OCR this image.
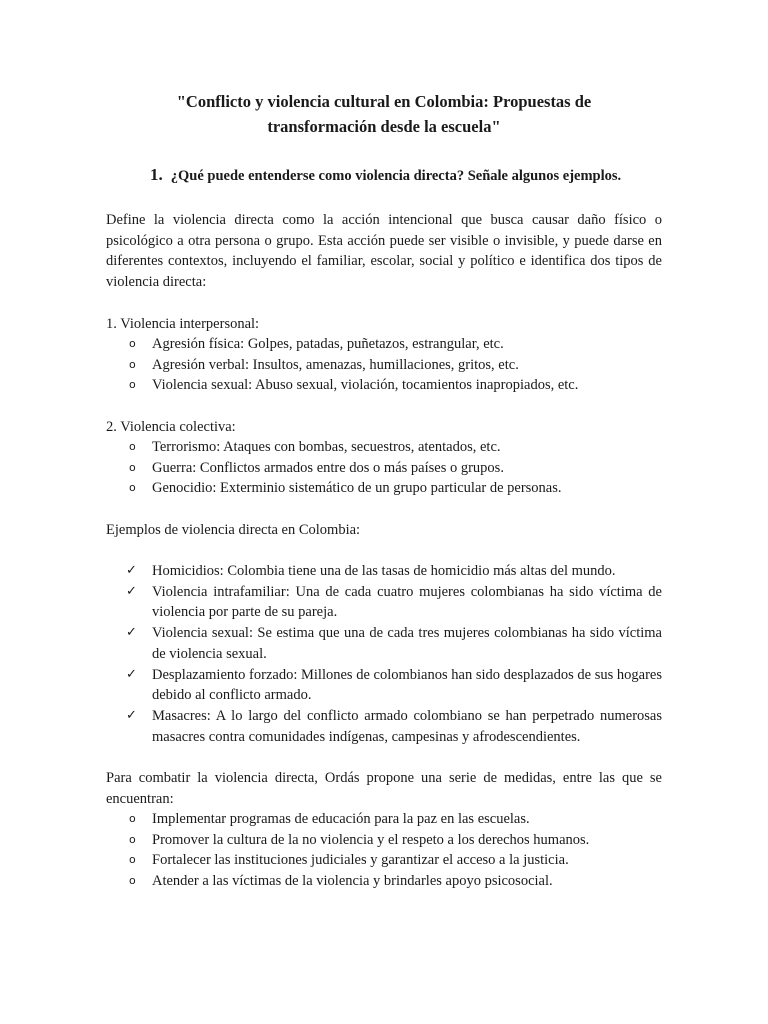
"Conflicto y violencia cultural en Colombia: Propuestas de
transformación desde la escuela"
1. ¿Qué puede entenderse como violencia directa? Señale algunos ejemplos.
Define la violencia directa como la acción intencional que busca causar daño físico o psicológico a otra persona o grupo. Esta acción puede ser visible o invisible, y puede darse en diferentes contextos, incluyendo el familiar, escolar, social y político e identifica dos tipos de violencia directa:
1. Violencia interpersonal:
o Agresión física: Golpes, patadas, puñetazos, estrangular, etc.
o Agresión verbal: Insultos, amenazas, humillaciones, gritos, etc.
o Violencia sexual: Abuso sexual, violación, tocamientos inapropiados, etc.
2. Violencia colectiva:
o Terrorismo: Ataques con bombas, secuestros, atentados, etc.
o Guerra: Conflictos armados entre dos o más países o grupos.
o Genocidio: Exterminio sistemático de un grupo particular de personas.
Ejemplos de violencia directa en Colombia:
✓ Homicidios: Colombia tiene una de las tasas de homicidio más altas del mundo.
✓ Violencia intrafamiliar: Una de cada cuatro mujeres colombianas ha sido víctima de violencia por parte de su pareja.
✓ Violencia sexual: Se estima que una de cada tres mujeres colombianas ha sido víctima de violencia sexual.
✓ Desplazamiento forzado: Millones de colombianos han sido desplazados de sus hogares debido al conflicto armado.
✓ Masacres: A lo largo del conflicto armado colombiano se han perpetrado numerosas masacres contra comunidades indígenas, campesinas y afrodescendientes.
Para combatir la violencia directa, Ordás propone una serie de medidas, entre las que se encuentran:
o Implementar programas de educación para la paz en las escuelas.
o Promover la cultura de la no violencia y el respeto a los derechos humanos.
o Fortalecer las instituciones judiciales y garantizar el acceso a la justicia.
o Atender a las víctimas de la violencia y brindarles apoyo psicosocial.
